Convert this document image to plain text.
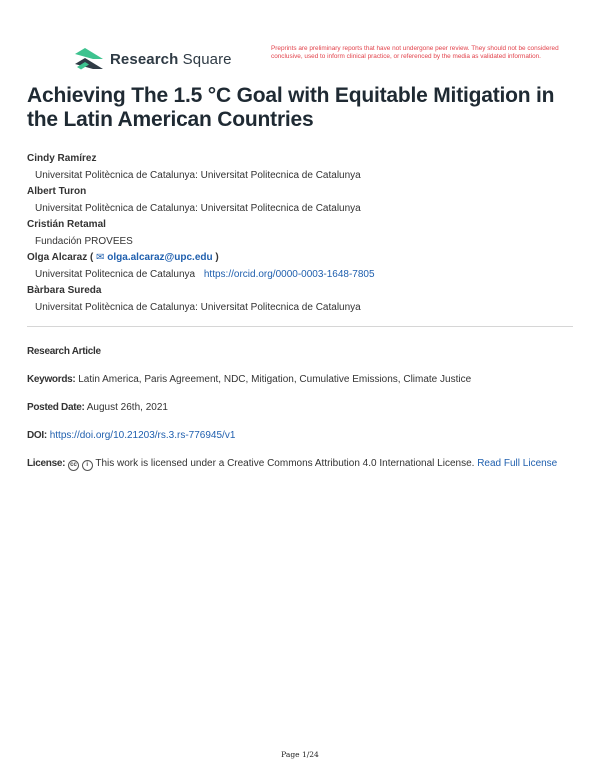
Research Square
Preprints are preliminary reports that have not undergone peer review. They should not be considered conclusive, used to inform clinical practice, or referenced by the media as validated information.
Achieving The 1.5 °C Goal with Equitable Mitigation in the Latin American Countries
Cindy Ramírez
Universitat Politècnica de Catalunya: Universitat Politecnica de Catalunya
Albert Turon
Universitat Politècnica de Catalunya: Universitat Politecnica de Catalunya
Cristián Retamal
Fundación PROVEES
Olga Alcaraz ( ✉ olga.alcaraz@upc.edu )
Universitat Politecnica de Catalunya https://orcid.org/0000-0003-1648-7805
Bàrbara Sureda
Universitat Politècnica de Catalunya: Universitat Politecnica de Catalunya
Research Article
Keywords: Latin America, Paris Agreement, NDC, Mitigation, Cumulative Emissions, Climate Justice
Posted Date: August 26th, 2021
DOI: https://doi.org/10.21203/rs.3.rs-776945/v1
License: cc i This work is licensed under a Creative Commons Attribution 4.0 International License. Read Full License
Page 1/24
